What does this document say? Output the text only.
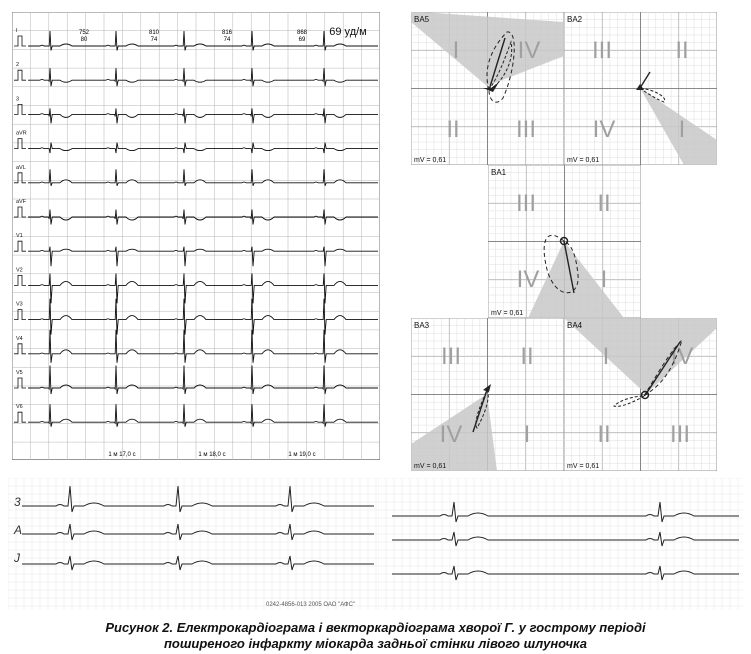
I
2
3
aVR
aVL
aVF
V1
V2
V3
V4
V5
V6
69 уд/м
752
80
810
74
816
74
868
69
1 м 17,0 с	1 м 18,0 с	1 м 19,0 с
I IV
II III
BA5
mV = 0,61
III	II
IV	I
BA2
mV = 0,61
III	II
IV	I
BA1
mV = 0,61
III II
IV	I
BA3
mV = 0,61
I	IV
II III
BA4
mV = 0,61
3
A
J
0242-4856-013 2005 ОАО "АФС"
Рисунок 2. Електрокардіограма і векторкардіограма хворої Г. у гострому періоді
поширеного інфаркту міокарда задньої стінки лівого шлуночка
